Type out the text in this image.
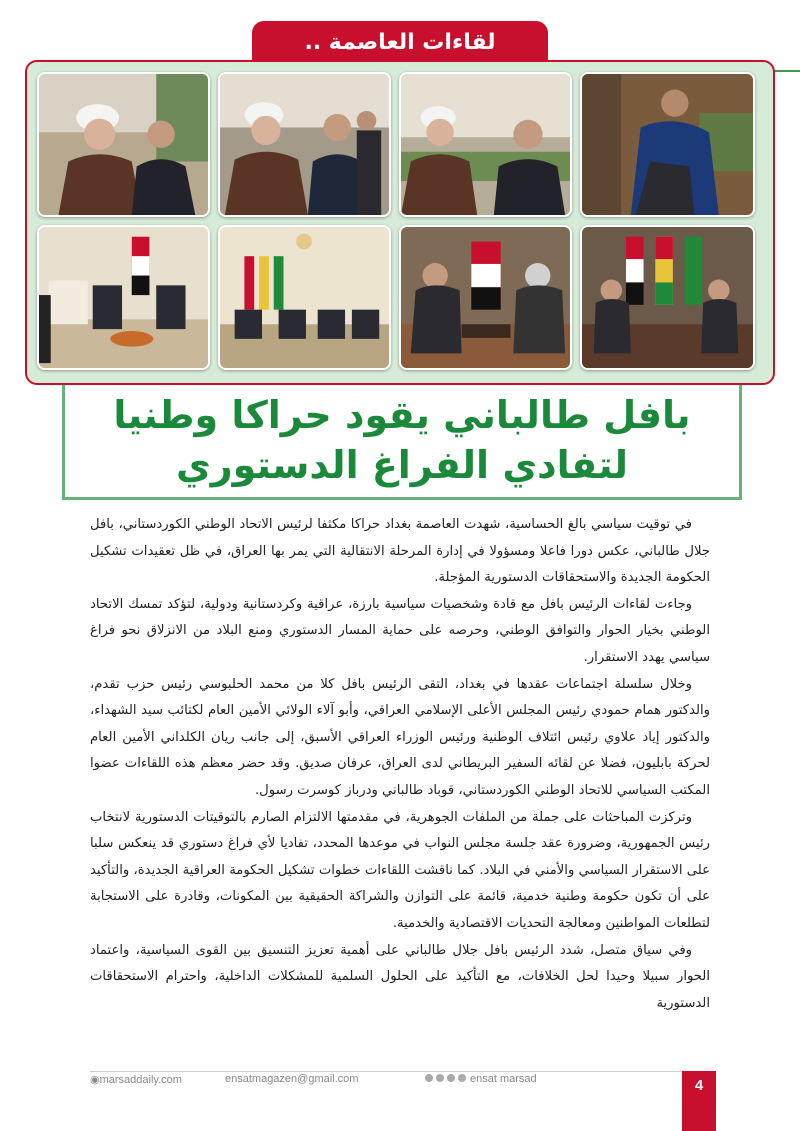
لقاءات العاصمة ..
بافل طالباني يقود حراكا وطنيا
لتفادي الفراغ الدستوري

في توقيت سياسي بالغ الحساسية، شهدت العاصمة بغداد حراكا مكثفا لرئيس الاتحاد الوطني الكوردستاني، بافل جلال طالباني، عكس دورا فاعلا ومسؤولا في إدارة المرحلة الانتقالية التي يمر بها العراق، في ظل تعقيدات تشكيل الحكومة الجديدة والاستحقاقات الدستورية المؤجلة.

وجاءت لقاءات الرئيس بافل مع قادة وشخصيات سياسية بارزة، عراقية وكردستانية ودولية، لتؤكد تمسك الاتحاد الوطني بخيار الحوار والتوافق الوطني، وحرصه على حماية المسار الدستوري ومنع البلاد من الانزلاق نحو فراغ سياسي يهدد الاستقرار.

وخلال سلسلة اجتماعات عقدها في بغداد، التقى الرئيس بافل كلا من محمد الحلبوسي رئيس حزب تقدم، والدكتور همام حمودي رئيس المجلس الأعلى الإسلامي العراقي، وأبو آلاء الولائي الأمين العام لكتائب سيد الشهداء، والدكتور إياد علاوي رئيس ائتلاف الوطنية ورئيس الوزراء العراقي الأسبق، إلى جانب ريان الكلداني الأمين العام لحركة بابليون، فضلا عن لقائه السفير البريطاني لدى العراق، عرفان صديق. وقد حضر معظم هذه اللقاءات عضوا المكتب السياسي للاتحاد الوطني الكوردستاني، قوباد طالباني ودرباز كوسرت رسول.

وتركزت المباحثات على جملة من الملفات الجوهرية، في مقدمتها الالتزام الصارم بالتوقيتات الدستورية لانتخاب رئيس الجمهورية، وضرورة عقد جلسة مجلس النواب في موعدها المحدد، تفاديا لأي فراغ دستوري قد ينعكس سلبا على الاستقرار السياسي والأمني في البلاد. كما ناقشت اللقاءات خطوات تشكيل الحكومة العراقية الجديدة، والتأكيد على أن تكون حكومة وطنية خدمية، قائمة على التوازن والشراكة الحقيقية بين المكونات، وقادرة على الاستجابة لتطلعات المواطنين ومعالجة التحديات الاقتصادية والخدمية.

وفي سياق متصل، شدد الرئيس بافل جلال طالباني على أهمية تعزيز التنسيق بين القوى السياسية، واعتماد الحوار سبيلا وحيدا لحل الخلافات، مع التأكيد على الحلول السلمية للمشكلات الداخلية، واحترام الاستحقاقات الدستورية

◉marsaddaily.com	ensatmagazen@gmail.com	ensat marsad	4
